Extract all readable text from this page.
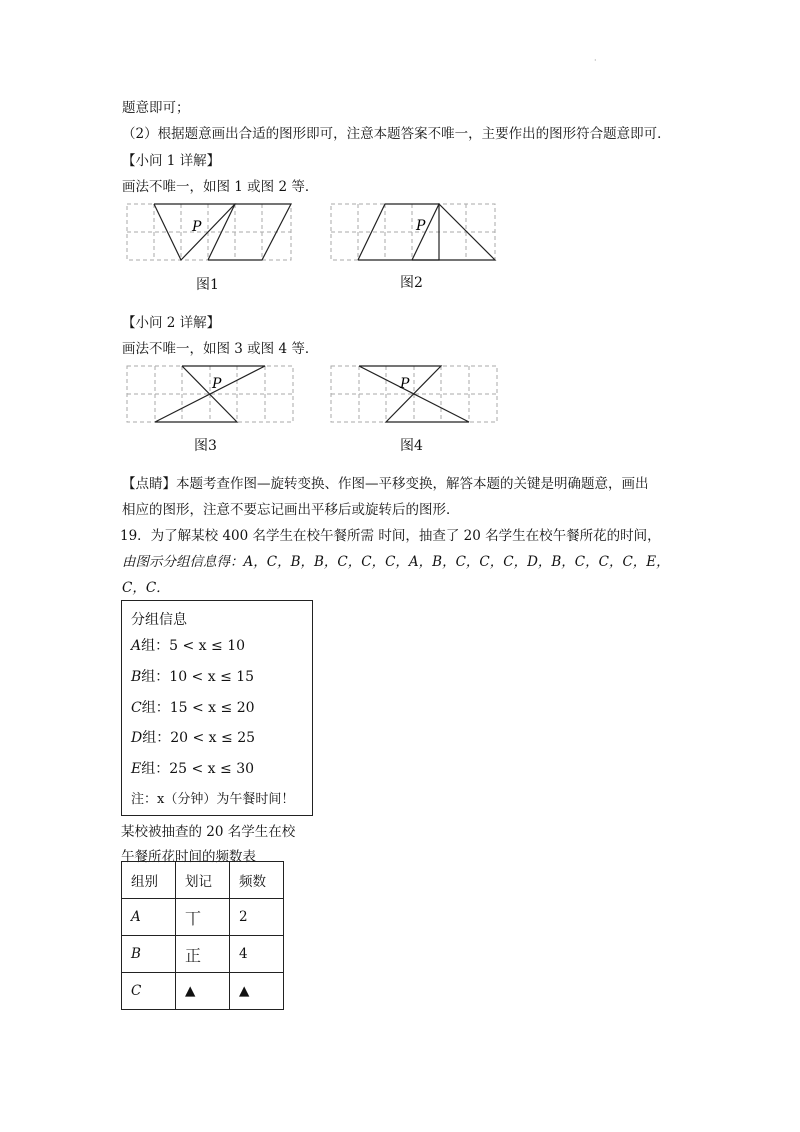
·
题意即可；
（2）根据题意画出合适的图形即可，注意本题答案不唯一，主要作出的图形符合题意即可．
【小问 1 详解】
画法不唯一，如图 1 或图 2 等．
P
图1
P
图2
【小问 2 详解】
画法不唯一，如图 3 或图 4 等．
P
图3
P
图4
【点睛】本题考查作图—旋转变换、作图—平移变换，解答本题的关键是明确题意，画出
相应的图形，注意不要忘记画出平移后或旋转后的图形．
19．为了解某校 400 名学生在校午餐所需 时间，抽查了 20 名学生在校午餐所花的时间，
由图示分组信息得：A，C，B，B，C，C，C，A，B，C，C，C，D，B，C，C，C，E，
C，C．
分组信息
A组：5 < x ≤ 10
B组：10 < x ≤ 15
C组：15 < x ≤ 20
D组：20 < x ≤ 25
E组：25 < x ≤ 30
注：x（分钟）为午餐时间！
某校被抽查的 20 名学生在校
午餐所花时间的频数表
组别	划记	频数
A	丅	2
B	正	4
C	▲	▲
